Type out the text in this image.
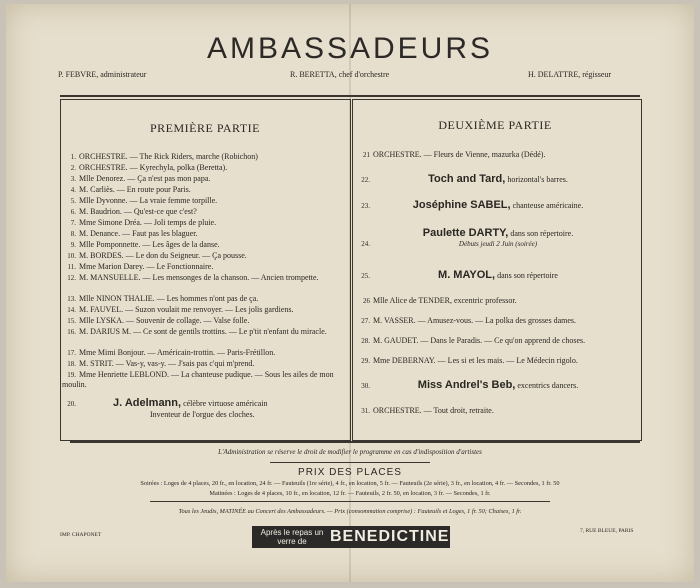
AMBASSADEURS
P. FEBVRE, administrateur	R. BERETTA, chef d'orchestre	H. DELATTRE, régisseur
PREMIÈRE PARTIE	DEUXIÈME PARTIE
1. ORCHESTRE. — The Rick Riders, marche (Robichon)
2. ORCHESTRE. — Kyrechyla, polka (Beretta).
3. Mlle Denorez. — Ça n'est pas mon papa.
4. M. Carliès. — En route pour Paris.
5. Mlle Dyvonne. — La vraie femme torpille.
6. M. Baudrion. — Qu'est-ce que c'est?
7. Mme Simone Dréa. — Joli temps de pluie.
8. M. Denance. — Faut pas les blaguer.
9. Mlle Pomponnette. — Les âges de la danse.
10. M. BORDES. — Le don du Seigneur. — Ça pousse.
11. Mme Marion Darey. — Le Fonctionnaire.
12. M. MANSUELLE. — Les mensonges de la chanson. — Ancien trompette.
13. Mlle NINON THALIE. — Les hommes n'ont pas de ça.
14. M. FAUVEL. — Suzon voulait me renvoyer. — Les jolis gardiens.
15. Mlle LYSKA. — Souvenir de collage. — Valse folle.
16. M. DARIUS M. — Ce sont de gentils trottins. — Le p'tit n'enfant du miracle.
17. Mme Mimi Bonjour. — Américain-trottin. — Paris-Frétillon.
18. M. STRIT. — Vas-y, vas-y. — J'sais pas c'qui m'prend.
19. Mme Henriette LEBLOND. — La chanteuse pudique. — Sous les ailes de mon moulin.
20.	J. Adelmann, célèbre virtuose américain
Inventeur de l'orgue des cloches.
21 ORCHESTRE. — Fleurs de Vienne, mazurka (Dédé).
22.	Toch and Tard, horizontal's barres.
23.	Joséphine SABEL, chanteuse américaine.
24.Paulette DARTY, dans son répertoire.
Débuts jeudi 2 Juin (soirée)
25.	M. MAYOL, dans son répertoire
26 Mlle Alice de TENDER, excentric professor.
27. M. VASSER. — Amusez-vous. — La polka des grosses dames.
28. M. GAUDET. — Dans le Paradis. — Ce qu'on apprend de choses.
29. Mme DEBERNAY. — Les si et les mais. — Le Médecin rigolo.
30.	Miss Andrel's Beb, excentrics dancers.
31. ORCHESTRE. — Tout droit, retraite.
L'Administration se réserve le droit de modifier le programme en cas d'indisposition d'artistes
PRIX DES PLACES
Soirées : Loges de 4 places, 20 fr., en location, 24 fr. — Fauteuils (1re série), 4 fr., en location, 5 fr. — Fauteuils (2e série), 3 fr., en location, 4 fr. — Secondes, 1 fr. 50
Matinées : Loges de 4 places, 10 fr., en location, 12 fr. — Fauteuils, 2 fr. 50, en location, 3 fr. — Secondes, 1 fr.
Tous les Jeudis, MATINÉE au Concert des Ambassadeurs. — Prix (consommation comprise) : Fauteuils et Loges, 1 fr. 50; Chaises, 1 fr.
IMP. CHAPONET
7, RUE BLEUE, PARIS
Après le repas un verre de	BENEDICTINE
